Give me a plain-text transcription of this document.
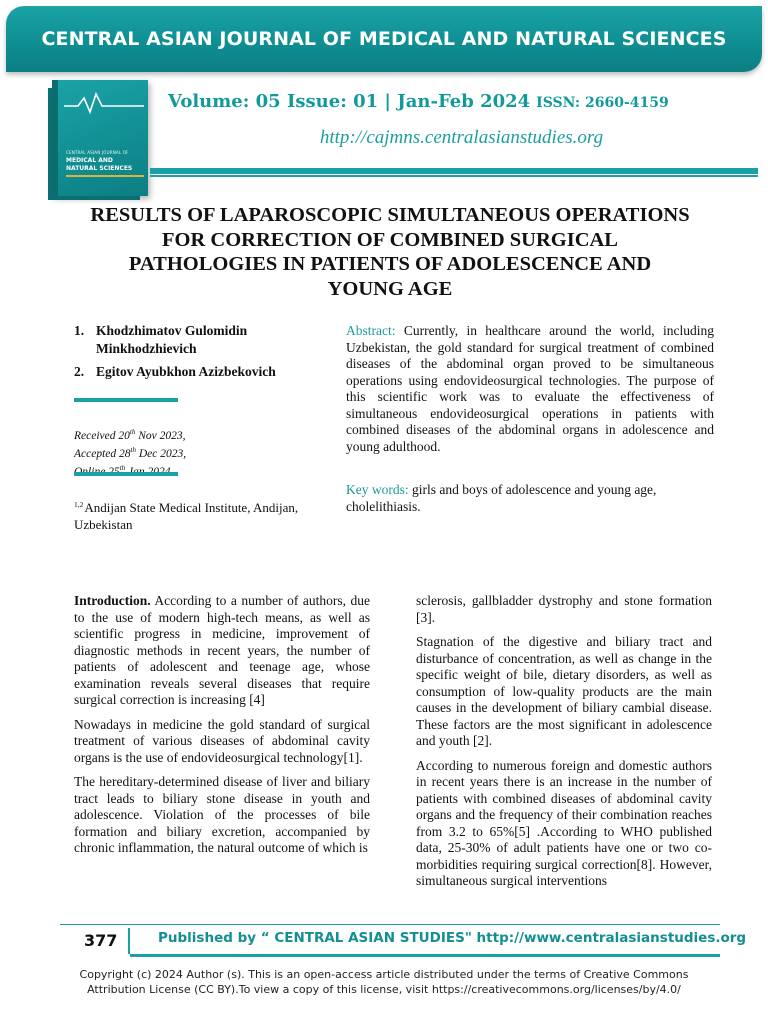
CENTRAL ASIAN JOURNAL OF MEDICAL AND NATURAL SCIENCES
CENTRAL ASIAN JOURNAL OF
MEDICAL AND
NATURAL SCIENCES
Volume: 05 Issue: 01 | Jan-Feb 2024 ISSN: 2660-4159
http://cajmns.centralasianstudies.org
RESULTS OF LAPAROSCOPIC SIMULTANEOUS OPERATIONS FOR CORRECTION OF COMBINED SURGICAL PATHOLOGIES IN PATIENTS OF ADOLESCENCE AND YOUNG AGE
1. Khodzhimatov Gulomidin Minkhodzhievich
2. Egitov Ayubkhon Azizbekovich
Received 20th Nov 2023,
Accepted 28th Dec 2023,
$^{th}$
$^{1,2}$Andijan State Medical Institute, Andijan, Uzbekistan

Abstract: Currently, in healthcare around the world, including Uzbekistan, the gold standard for surgical treatment of combined diseases of the abdominal organ proved to be simultaneous operations using endovideosurgical technologies. The purpose of this scientific work was to evaluate the effectiveness of simultaneous endovideosurgical operations in patients with combined diseases of the abdominal organs in adolescence and young adulthood.

Key words: girls and boys of adolescence and young age, cholelithiasis.

Introduction. According to a number of authors, due to the use of modern high-tech means, as well as scientific progress in medicine, improvement of diagnostic methods in recent years, the number of patients of adolescent and teenage age, whose examination reveals several diseases that require surgical correction is increasing [4]

Nowadays in medicine the gold standard of surgical treatment of various diseases of abdominal cavity organs is the use of endovideosurgical technology[1].

The hereditary-determined disease of liver and biliary tract leads to biliary stone disease in youth and adolescence. Violation of the processes of bile formation and biliary excretion, accompanied by chronic inflammation, the natural outcome of which is

sclerosis, gallbladder dystrophy and stone formation [3].

Stagnation of the digestive and biliary tract and disturbance of concentration, as well as change in the specific weight of bile, dietary disorders, as well as consumption of low-quality products are the main causes in the development of biliary cambial disease. These factors are the most significant in adolescence and youth [2].

According to numerous foreign and domestic authors in recent years there is an increase in the number of patients with combined diseases of abdominal cavity organs and the frequency of their combination reaches from 3.2 to 65%[5] .According to WHO published data, 25-30% of adult patients have one or two co-morbidities requiring surgical correction[8]. However, simultaneous surgical interventions

377	Published by “ CENTRAL ASIAN STUDIES" http://www.centralasianstudies.org
Copyright (c) 2024 Author (s). This is an open-access article distributed under the terms of Creative Commons
Attribution License (CC BY).To view a copy of this license, visit https://creativecommons.org/licenses/by/4.0/
